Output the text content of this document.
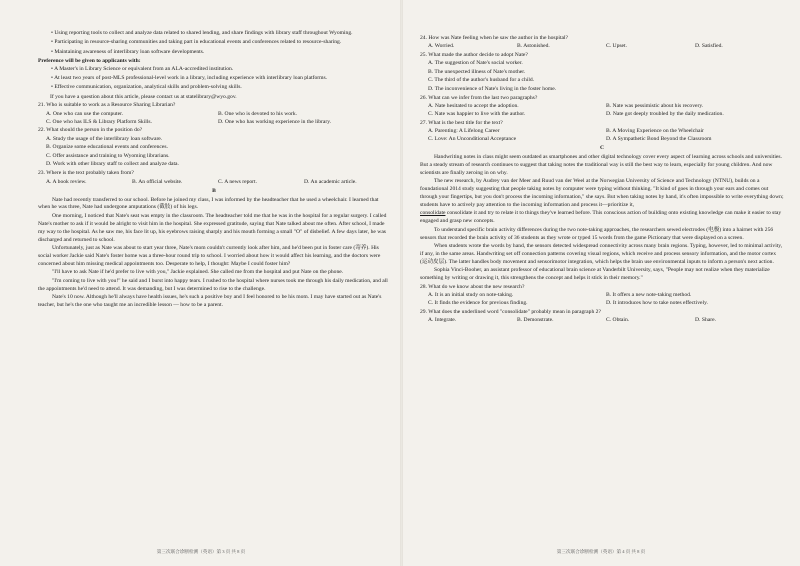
• Using reporting tools to collect and analyze data related to shared lending, and share findings with library staff throughout Wyoming.
• Participating in resource-sharing communities and taking part in educational events and conferences related to resource-sharing.
• Maintaining awareness of interlibrary loan software developments.
Preference will be given to applicants with:
• A Master's in Library Science or equivalent from an ALA-accredited institution.
• At least two years of post-MLS professional-level work in a library, including experience with interlibrary loan platforms.
• Effective communication, organization, analytical skills and problem-solving skills.
If you have a question about this article, please contact us at statelibrary@wyo.gov.
21. Who is suitable to work as a Resource Sharing Librarian?
A. One who can use the computer.	B. One who is devoted to his work.
C. One who has ILS & Library Platform Skills.	D. One who has working experience in the library.
22. What should the person in the position do?
A. Study the usage of the interlibrary loan software.
B. Organize some educational events and conferences.
C. Offer assistance and training to Wyoming librarians.
D. Work with other library staff to collect and analyze data.
23. Where is the text probably taken from?
A. A book review.	B. An official website.	C. A news report.	D. An academic article.
B
Nate had recently transferred to our school. Before he joined my class, I was informed by the headteacher that he used a wheelchair. I learned that when he was three, Nate had undergone amputations (截肢) of his legs.
One morning, I noticed that Nate's seat was empty in the classroom. The headteacher told me that he was in the hospital for a regular surgery. I called Nate's mother to ask if it would be alright to visit him in the hospital. She expressed gratitude, saying that Nate talked about me often. After school, I made my way to the hospital. As he saw me, his face lit up, his eyebrows raising sharply and his mouth forming a small "O" of disbelief. A few days later, he was discharged and returned to school.
Unfortunately, just as Nate was about to start year three, Nate's mom couldn't currently look after him, and he'd been put in foster care (寄养). His social worker Jackie said Nate's foster home was a three-hour round trip to school. I worried about how it would affect his learning, and the doctors were concerned about him missing medical appointments too. Desperate to help, I thought: Maybe I could foster him?
"I'll have to ask Nate if he'd prefer to live with you," Jackie explained. She called me from the hospital and put Nate on the phone.
"I'm coming to live with you!" he said and I burst into happy tears. I rushed to the hospital where nurses took me through his daily medication, and all the appointments he'd need to attend. It was demanding, but I was determined to rise to the challenge.
Nate's 10 now. Although he'll always have health issues, he's such a positive boy and I feel honored to be his mom. I may have started out as Nate's teacher, but he's the one who taught me an incredible lesson — how to be a parent.
第三次联合诊断检测（英语）第 3 页 共 8 页
24. How was Nate feeling when he saw the author in the hospital?
A. Worried.	B. Astonished.	C. Upset.	D. Satisfied.
25. What made the author decide to adopt Nate?
A. The suggestion of Nate's social worker.
B. The unexpected illness of Nate's mother.
C. The third of the author's husband for a child.
D. The inconvenience of Nate's living in the foster home.
26. What can we infer from the last two paragraphs?
A. Nate hesitated to accept the adoption.	B. Nate was pessimistic about his recovery.
C. Nate was happier to live with the author.	D. Nate got deeply troubled by the daily medication.
27. What is the best title for the text?
A. Parenting: A Lifelong Career	B. A Moving Experience on the Wheelchair
C. Love: An Unconditional Acceptance	D. A Sympathetic Bond Beyond the Classroom
C
Handwriting notes in class might seem outdated as smartphones and other digital technology cover every aspect of learning across schools and universities. But a steady stream of research continues to suggest that taking notes the traditional way is still the best way to learn, especially for young children. And now scientists are finally zeroing in on why.
The new research, by Audrey van der Meer and Ruud van der Weel at the Norwegian University of Science and Technology (NTNU), builds on a foundational 2014 study suggesting that people taking notes by computer were typing without thinking. "It kind of goes in through your ears and comes out through your fingertips, but you don't process the incoming information," she says. But when taking notes by hand, it's often impossible to write everything down; students have to actively pay attention to the incoming information and process it—prioritize it,
consolidate consolidate it and try to relate it to things they've learned before. This conscious action of building onto existing knowledge can make it easier to stay engaged and grasp new concepts.
To understand specific brain activity differences during the two note-taking approaches, the researchers sewed electrodes (电极) into a hairnet with 256 sensors that recorded the brain activity of 36 students as they wrote or typed 15 words from the game Pictionary that were displayed on a screen.
When students wrote the words by hand, the sensors detected widespread connectivity across many brain regions. Typing, however, led to minimal activity, if any, in the same areas. Handwriting set off connection patterns covering visual regions, which receive and process sensory information, and the motor cortex (运动皮层). The latter handles body movement and sensorimotor integration, which helps the brain use environmental inputs to inform a person's next action.
Sophia Vinci-Booher, an assistant professor of educational brain science at Vanderbilt University, says, "People may not realize when they materialize something by writing or drawing it, this strengthens the concept and helps it stick in their memory."
28. What do we know about the new research?
A. It is an initial study on note-taking.	B. It offers a new note-taking method.
C. It finds the evidence for previous finding.	D. It introduces how to take notes effectively.
29. What does the underlined word "consolidate" probably mean in paragraph 2?
A. Integrate.	B. Demonstrate.	C. Obtain.	D. Share.
第三次联合诊断检测（英语）第 4 页 共 8 页
